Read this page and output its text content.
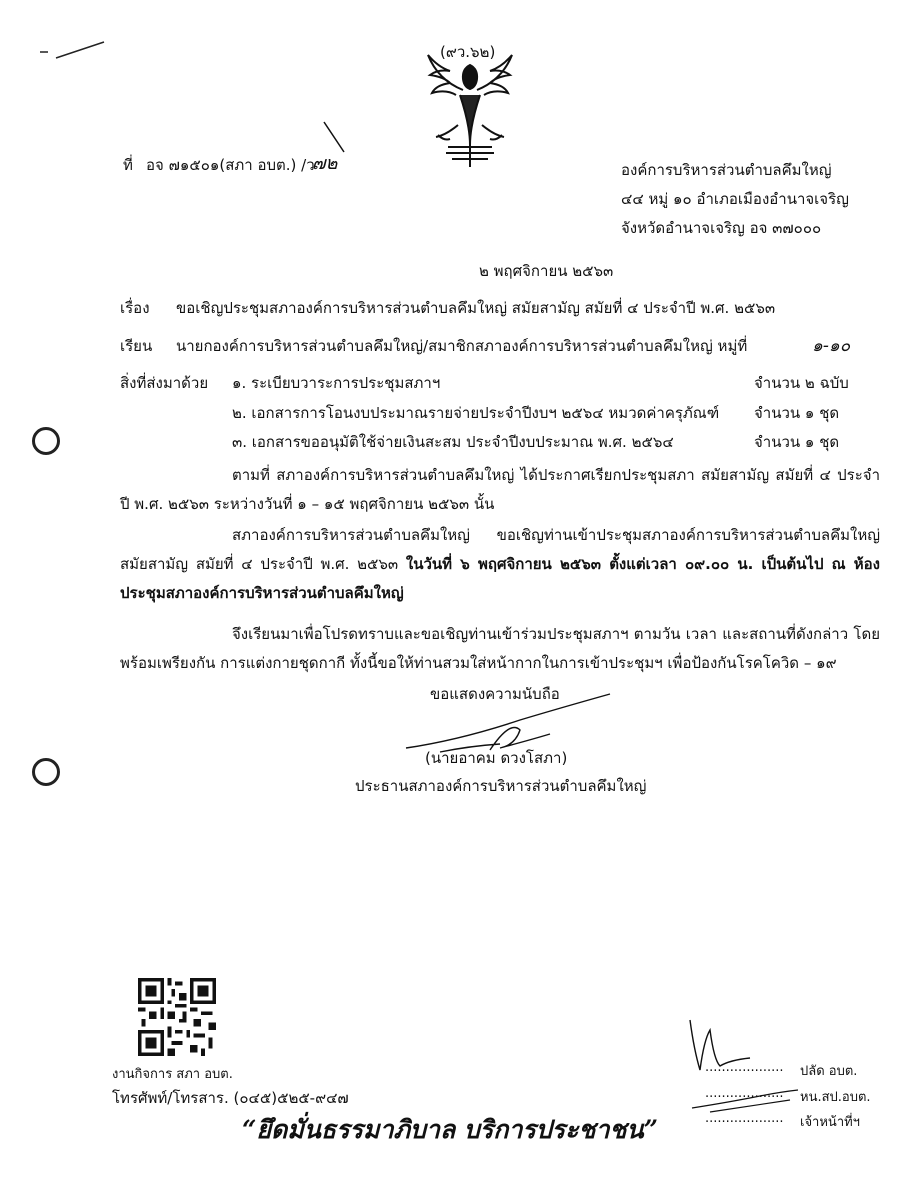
(๙ว.๖๒)
ที่ อจ ๗๑๕๐๑(สภา อบต.) /ว
๗๒	องค์การบริหารส่วนตำบลคึมใหญ่
๔๔ หมู่ ๑๐ อำเภอเมืองอำนาจเจริญ
จังหวัดอำนาจเจริญ อจ ๓๗๐๐๐
๒ พฤศจิกายน ๒๕๖๓
เรื่อง ขอเชิญประชุมสภาองค์การบริหารส่วนตำบลคึมใหญ่ สมัยสามัญ สมัยที่ ๔ ประจำปี พ.ศ. ๒๕๖๓
เรียน นายกองค์การบริหารส่วนตำบลคึมใหญ่/สมาชิกสภาองค์การบริหารส่วนตำบลคึมใหญ่ หมู่ที่	๑-๑๐
สิ่งที่ส่งมาด้วย ๑. ระเบียบวาระการประชุมสภาฯ	จำนวน ๒ ฉบับ
๒. เอกสารการโอนงบประมาณรายจ่ายประจำปีงบฯ ๒๕๖๔ หมวดค่าครุภัณฑ์ จำนวน ๑ ชุด
๓. เอกสารขออนุมัติใช้จ่ายเงินสะสม ประจำปีงบประมาณ พ.ศ. ๒๕๖๔	จำนวน ๑ ชุด
ตามที่ สภาองค์การบริหารส่วนตำบลคึมใหญ่ ได้ประกาศเรียกประชุมสภา สมัยสามัญ สมัยที่ ๔ ประจำปี พ.ศ. ๒๕๖๓ ระหว่างวันที่ ๑ – ๑๕ พฤศจิกายน ๒๕๖๓ นั้น
สภาองค์การบริหารส่วนตำบลคึมใหญ่ ขอเชิญท่านเข้าประชุมสภาองค์การบริหารส่วนตำบลคึมใหญ่ สมัยสามัญ สมัยที่ ๔ ประจำปี พ.ศ. ๒๕๖๓ ในวันที่ ๖ พฤศจิกายน ๒๕๖๓ ตั้งแต่เวลา ๐๙.๐๐ น. เป็นต้นไป ณ ห้องประชุมสภาองค์การบริหารส่วนตำบลคึมใหญ่
จึงเรียนมาเพื่อโปรดทราบและขอเชิญท่านเข้าร่วมประชุมสภาฯ ตามวัน เวลา และสถานที่ดังกล่าว โดยพร้อมเพรียงกัน การแต่งกายชุดกากี ทั้งนี้ขอให้ท่านสวมใส่หน้ากากในการเข้าประชุมฯ เพื่อป้องกันโรคโควิด – ๑๙
ขอแสดงความนับถือ
(นายอาคม ดวงโสภา)
ประธานสภาองค์การบริหารส่วนตำบลคึมใหญ่
งานกิจการ สภา อบต.
โทรศัพท์/โทรสาร. (๐๔๕)๕๒๕-๙๔๗
................... ปลัด อบต.
................... หน.สป.อบต.
................... เจ้าหน้าที่ฯ
“ยึดมั่นธรรมาภิบาล บริการประชาชน”
